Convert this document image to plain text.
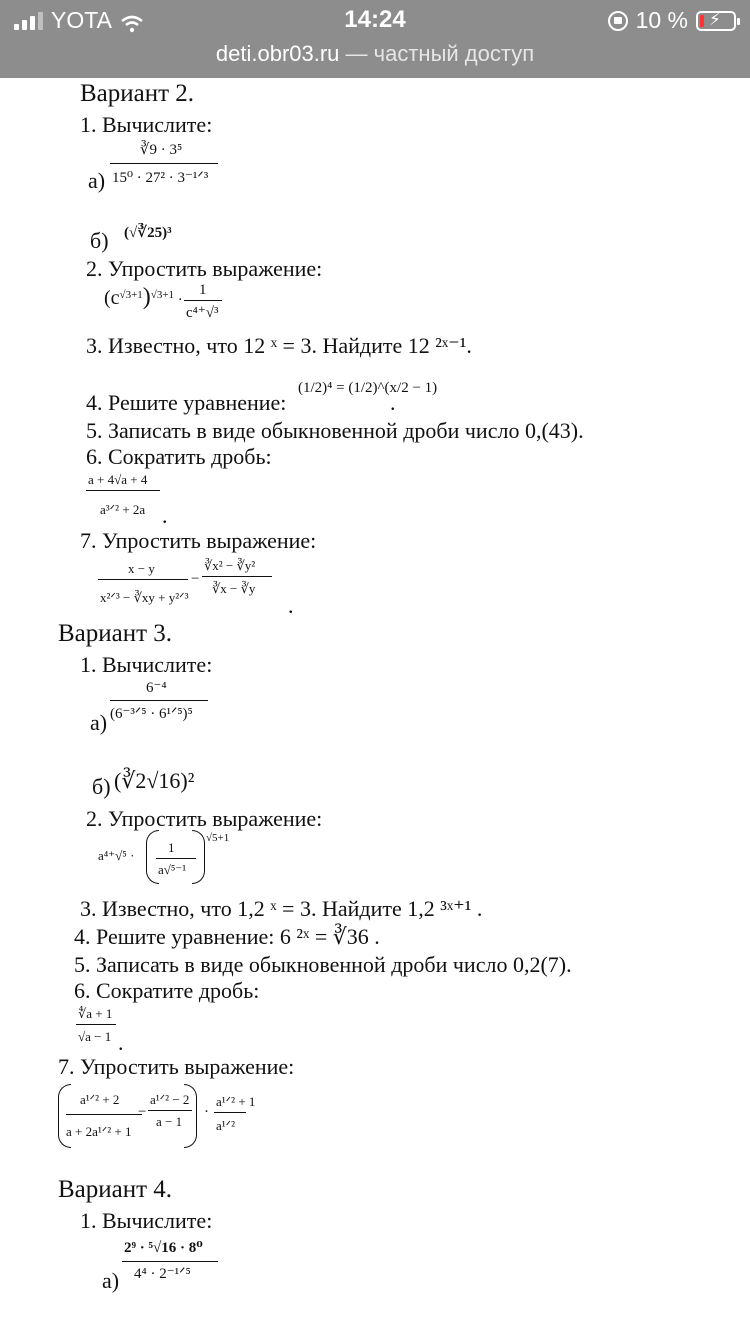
YOTA	14:24	10 % ⚡
deti.obr03.ru — частный доступ
Вариант 2.
1. Вычислите:
а)
∛9 · 3⁵
15⁰ · 27² · 3⁻¹ᐟ³
б) (√∛25)³
2. Упростить выражение:
$(c^{√3+1})^{√3+1}$ ·
1
c⁴⁺√³
3. Известно, что 12 ˣ = 3. Найдите 12 ²ˣ⁻¹.
4. Решите уравнение:
(1/2)⁴ = (1/2)^(x/2 − 1)
.
5. Записать в виде обыкновенной дроби число 0,(43).
6. Сократить дробь:
a + 4√a + 4
a³ᐟ² + 2a .
7. Упростить выражение:
x − y
x²ᐟ³ − ∛xy + y²ᐟ³
−
∛x² − ∛y²
∛x − ∛y
.
Вариант 3.
1. Вычислите:
а)
6⁻⁴
(6⁻³ᐟ⁵ · 6¹ᐟ⁵)⁵
б) (∛2√16)²
2. Упростить выражение:
a⁴⁺√⁵ ·
1
a√⁵⁻¹
√5+1
3. Известно, что 1,2 ˣ = 3. Найдите 1,2 ³ˣ⁺¹ .
4. Решите уравнение: 6 ²ˣ = ∛36 .
5. Записать в виде обыкновенной дроби число 0,2(7).
6. Сократите дробь:
∜a + 1
√a − 1 .
7. Упростить выражение:
a¹ᐟ² + 2
a + 2a¹ᐟ² + 1
−
a¹ᐟ² − 2
a − 1
·
a¹ᐟ² + 1
a¹ᐟ²
Вариант 4.
1. Вычислите:
а)
2⁹ · ⁵√16 · 8⁰
4⁴ · 2⁻¹ᐟ⁵
